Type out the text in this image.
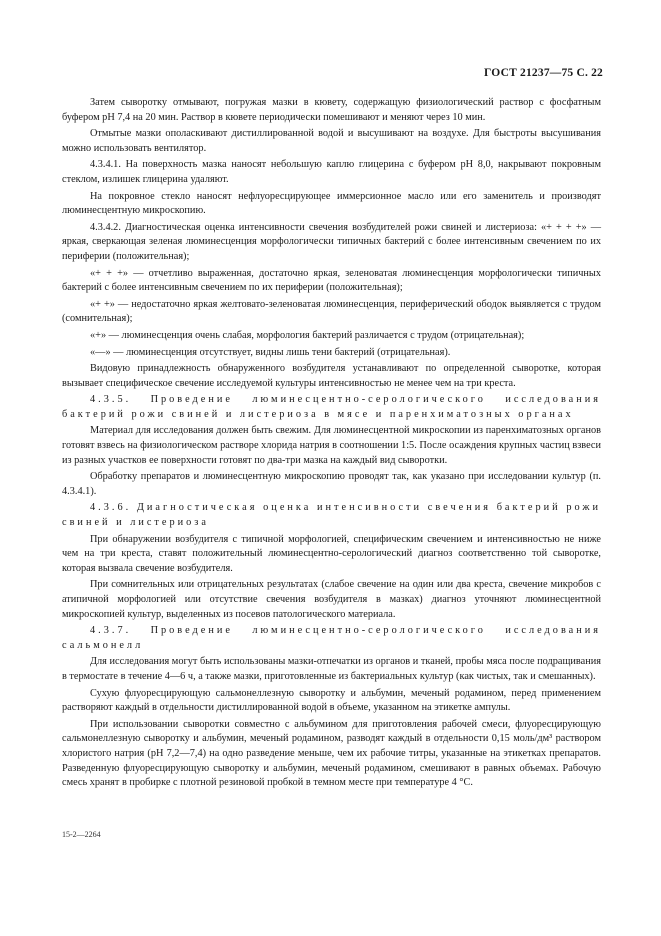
ГОСТ 21237—75 С. 22

Затем сыворотку отмывают, погружая мазки в кювету, содержащую физиологический раствор с фосфатным буфером рН 7,4 на 20 мин. Раствор в кювете периодически помешивают и меняют через 10 мин.

Отмытые мазки ополаскивают дистиллированной водой и высушивают на воздухе. Для быстроты высушивания можно использовать вентилятор.

4.3.4.1. На поверхность мазка наносят небольшую каплю глицерина с буфером рН 8,0, накрывают покровным стеклом, излишек глицерина удаляют.

На покровное стекло наносят нефлуоресцирующее иммерсионное масло или его заменитель и производят люминесцентную микроскопию.

4.3.4.2. Диагностическая оценка интенсивности свечения возбудителей рожи свиней и листериоза: «+ + + +» — яркая, сверкающая зеленая люминесценция морфологически типичных бактерий с более интенсивным свечением по их периферии (положительная);

«+ + +» — отчетливо выраженная, достаточно яркая, зеленоватая люминесценция морфологически типичных бактерий с более интенсивным свечением по их периферии (положительная);

«+ +» — недостаточно яркая желтовато-зеленоватая люминесценция, периферический ободок выявляется с трудом (сомнительная);

«+» — люминесценция очень слабая, морфология бактерий различается с трудом (отрицательная);

«—» — люминесценция отсутствует, видны лишь тени бактерий (отрицательная).

Видовую принадлежность обнаруженного возбудителя устанавливают по определенной сыворотке, которая вызывает специфическое свечение исследуемой культуры интенсивностью не менее чем на три креста.

4.3.5. Проведение люминесцентно-серологического исследования бактерий рожи свиней и листериоза в мясе и паренхиматозных органах

Материал для исследования должен быть свежим. Для люминесцентной микроскопии из паренхиматозных органов готовят взвесь на физиологическом растворе хлорида натрия в соотношении 1:5. После осаждения крупных частиц взвеси из разных участков ее поверхности готовят по два-три мазка на каждый вид сыворотки.

Обработку препаратов и люминесцентную микроскопию проводят так, как указано при исследовании культур (п. 4.3.4.1).

4.3.6. Диагностическая оценка интенсивности свечения бактерий рожи свиней и листериоза

При обнаружении возбудителя с типичной морфологией, специфическим свечением и интенсивностью не ниже чем на три креста, ставят положительный люминесцентно-серологический диагноз соответственно той сыворотке, которая вызвала свечение возбудителя.

При сомнительных или отрицательных результатах (слабое свечение на один или два креста, свечение микробов с атипичной морфологией или отсутствие свечения возбудителя в мазках) диагноз уточняют люминесцентной микроскопией культур, выделенных из посевов патологического материала.

4.3.7. Проведение люминесцентно-серологического исследования сальмонелл

Для исследования могут быть использованы мазки-отпечатки из органов и тканей, пробы мяса после подращивания в термостате в течение 4—6 ч, а также мазки, приготовленные из бактериальных культур (как чистых, так и смешанных).

Сухую флуоресцирующую сальмонеллезную сыворотку и альбумин, меченый родамином, перед применением растворяют каждый в отдельности дистиллированной водой в объеме, указанном на этикетке ампулы.

При использовании сыворотки совместно с альбумином для приготовления рабочей смеси, флуоресцирующую сальмонеллезную сыворотку и альбумин, меченый родамином, разводят каждый в отдельности 0,15 моль/дм³ раствором хлористого натрия (рН 7,2—7,4) на одно разведение меньше, чем их рабочие титры, указанные на этикетках препаратов. Разведенную флуоресцирующую сыворотку и альбумин, меченый родамином, смешивают в равных объемах. Рабочую смесь хранят в пробирке с плотной резиновой пробкой в темном месте при температуре 4 °С.

15-2—2264
